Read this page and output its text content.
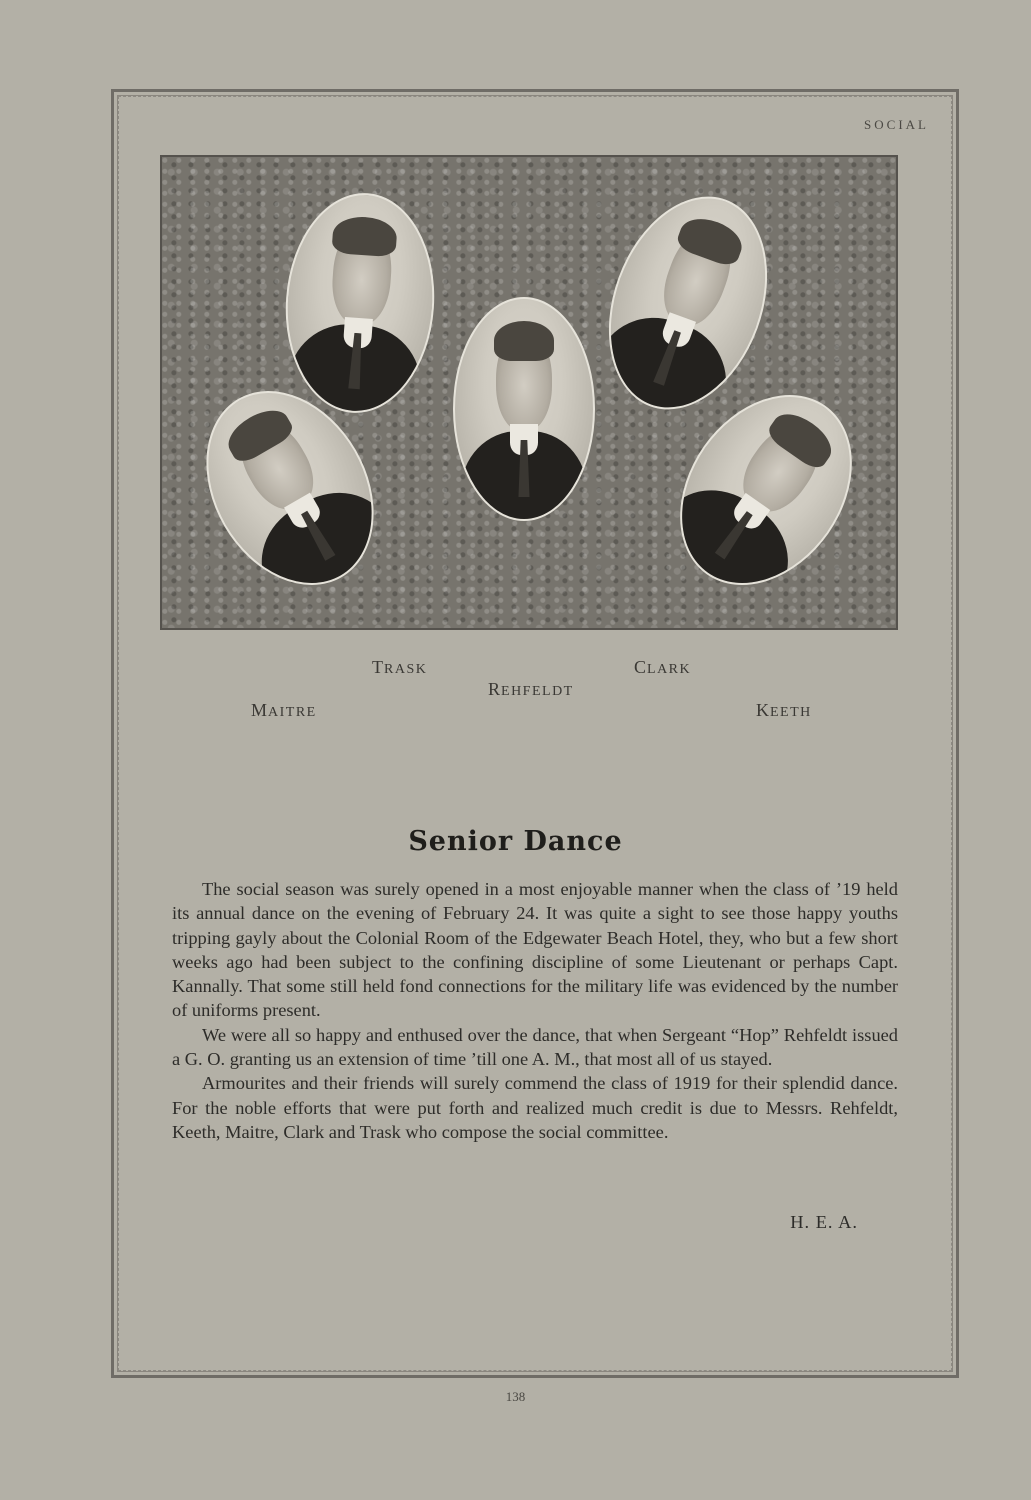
SOCIAL
TRASK
REHFELDT
CLARK
MAITRE	KEETH
Senior Dance

The social season was surely opened in a most enjoyable manner when the class of ’19 held its annual dance on the evening of February 24. It was quite a sight to see those happy youths tripping gayly about the Colonial Room of the Edgewater Beach Hotel, they, who but a few short weeks ago had been subject to the confining discipline of some Lieutenant or perhaps Capt. Kannally. That some still held fond connections for the military life was evidenced by the number of uniforms present.

We were all so happy and enthused over the dance, that when Sergeant “Hop” Rehfeldt issued a G. O. granting us an extension of time ’till one A. M., that most all of us stayed.

Armourites and their friends will surely commend the class of 1919 for their splendid dance. For the noble efforts that were put forth and realized much credit is due to Messrs. Rehfeldt, Keeth, Maitre, Clark and Trask who compose the social committee.

H. E. A.
138
